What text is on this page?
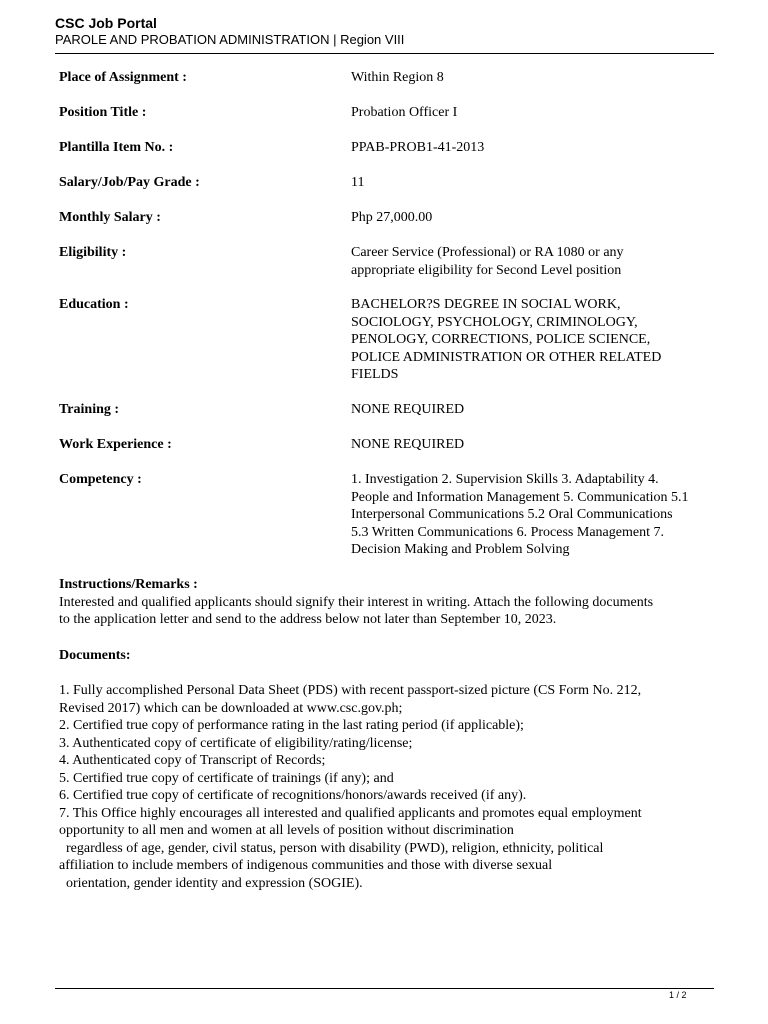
CSC Job Portal
PAROLE AND PROBATION ADMINISTRATION | Region VIII
Place of Assignment :	Within Region 8
Position Title :	Probation Officer I
Plantilla Item No. :	PPAB-PROB1-41-2013
Salary/Job/Pay Grade :	11
Monthly Salary :	Php 27,000.00
Eligibility :	Career Service (Professional) or RA 1080 or any
appropriate eligibility for Second Level position
Education :	BACHELOR?S DEGREE IN SOCIAL WORK,
SOCIOLOGY, PSYCHOLOGY, CRIMINOLOGY,
PENOLOGY, CORRECTIONS, POLICE SCIENCE,
POLICE ADMINISTRATION OR OTHER RELATED
FIELDS
Training :	NONE REQUIRED
Work Experience :	NONE REQUIRED
Competency :	1. Investigation 2. Supervision Skills 3. Adaptability 4.
People and Information Management 5. Communication 5.1
Interpersonal Communications 5.2 Oral Communications
5.3 Written Communications 6. Process Management 7.
Decision Making and Problem Solving
Instructions/Remarks :
Interested and qualified applicants should signify their interest in writing. Attach the following documents
to the application letter and send to the address below not later than September 10, 2023.
Documents:
1. Fully accomplished Personal Data Sheet (PDS) with recent passport-sized picture (CS Form No. 212,
Revised 2017) which can be downloaded at www.csc.gov.ph;
2. Certified true copy of performance rating in the last rating period (if applicable);
3. Authenticated copy of certificate of eligibility/rating/license;
4. Authenticated copy of Transcript of Records;
5. Certified true copy of certificate of trainings (if any); and
6. Certified true copy of certificate of recognitions/honors/awards received (if any).
7. This Office highly encourages all interested and qualified applicants and promotes equal employment
opportunity to all men and women at all levels of position without discrimination
regardless of age, gender, civil status, person with disability (PWD), religion, ethnicity, political
affiliation to include members of indigenous communities and those with diverse sexual
orientation, gender identity and expression (SOGIE).
1 / 2
